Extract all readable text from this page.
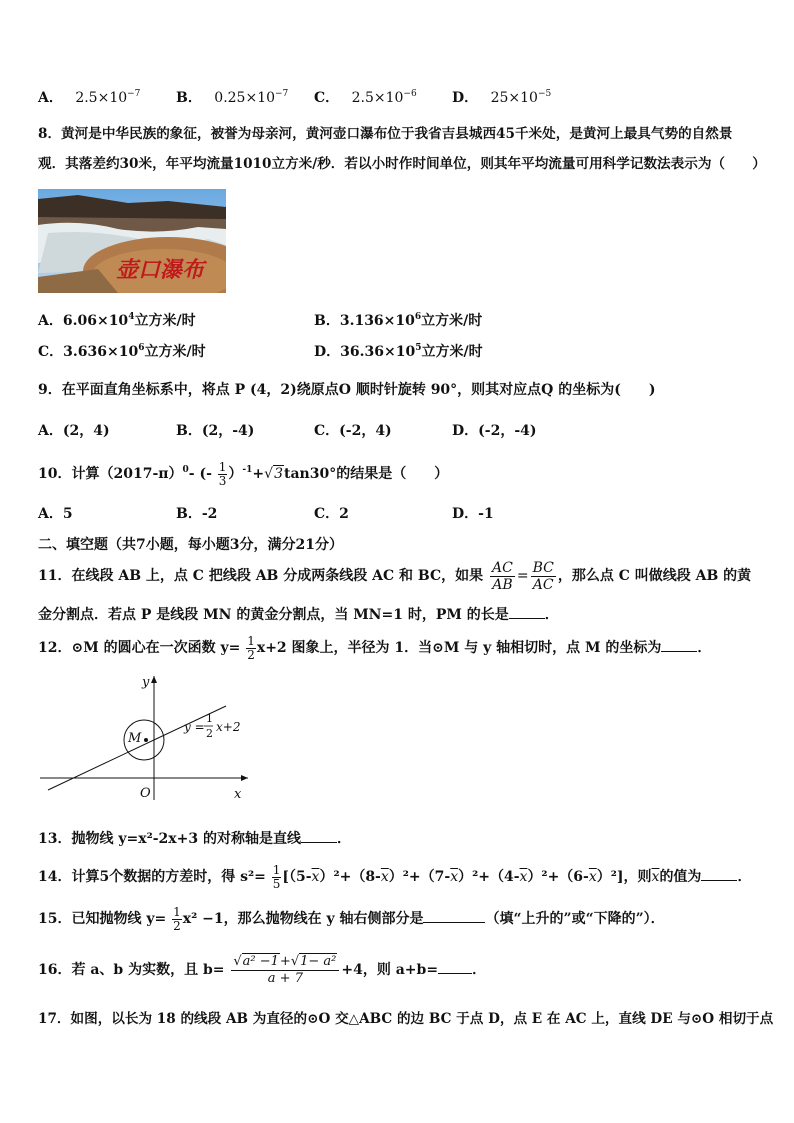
A． $2.5\times 10^{-7}$	B． $0.25\times 10^{-7}$ C． $2.5\times 10^{-6}$	D． $25\times 10^{-5}$
8．黄河是中华民族的象征，被誉为母亲河，黄河壶口瀑布位于我省吉县城西45千米处，是黄河上最具气势的自然景
观．其落差约30米，年平均流量1010立方米/秒．若以小时作时间单位，则其年平均流量可用科学记数法表示为（　　）
壶口瀑布
A．$6.06\times 10^4$立方米/时	B．$3.136\times 10^6$立方米/时
C．$3.636\times 10^6$立方米/时	D．$36.36\times 10^5$立方米/时
9．在平面直角坐标系中，将点 P (4，2)绕原点O 顺时针旋转 90°，则其对应点Q 的坐标为(　　)
A．(2，4)	B．(2，-4)	C．(-2，4)	D．(-2，-4)
10．计算$(2017-\pi)^0-$ (- $\frac{1}{3} )^{-1}+√3\tan 30^\circ$的结果是（　　）
A．5	B．-2	C．2	D．-1
二、填空题（共7小题，每小题3分，满分21分）
11．在线段 AB 上，点 C 把线段 AB 分成两条线段 AC 和 BC，如果 $\frac{AC}{AB} = \frac{BC}{AC}$ ，那么点 C 叫做线段 AB 的黄
金分割点．若点 P 是线段 MN 的黄金分割点，当 MN=1 时，PM 的长是	．
12．⊙M 的圆心在一次函数 $y= \frac{1}{2} x+2$ 图象上，半径为 1．当⊙M 与 y 轴相切时，点 M 的坐标为	．
M
y
x
O
y =
1
2 x+2
13．抛物线 y=x²-2x+3 的对称轴是直线	．
14．计算5个数据的方差时，得 $s^2= \frac{1}{5} [(5-\overline{x})^2+(8-\overline{x})^2+(7-\overline{x})^2+(4-\overline{x})^2+(6-\overline{x})^2]$，则$\overline{x}$的值为	．
15．已知抛物线 $y= \frac{1}{2} x^2 -1$，那么抛物线在 y 轴右侧部分是	（填“上升的”或“下降的”）．
16．若 a、b 为实数，且 $b= \frac{\text{√a² −1+√1− a²}}{a + 7} +4$，则 a+b= ．
17．如图，以长为 18 的线段 AB 为直径的⊙O 交△ABC 的边 BC 于点 D，点 E 在 AC 上，直线 DE 与⊙O 相切于点
